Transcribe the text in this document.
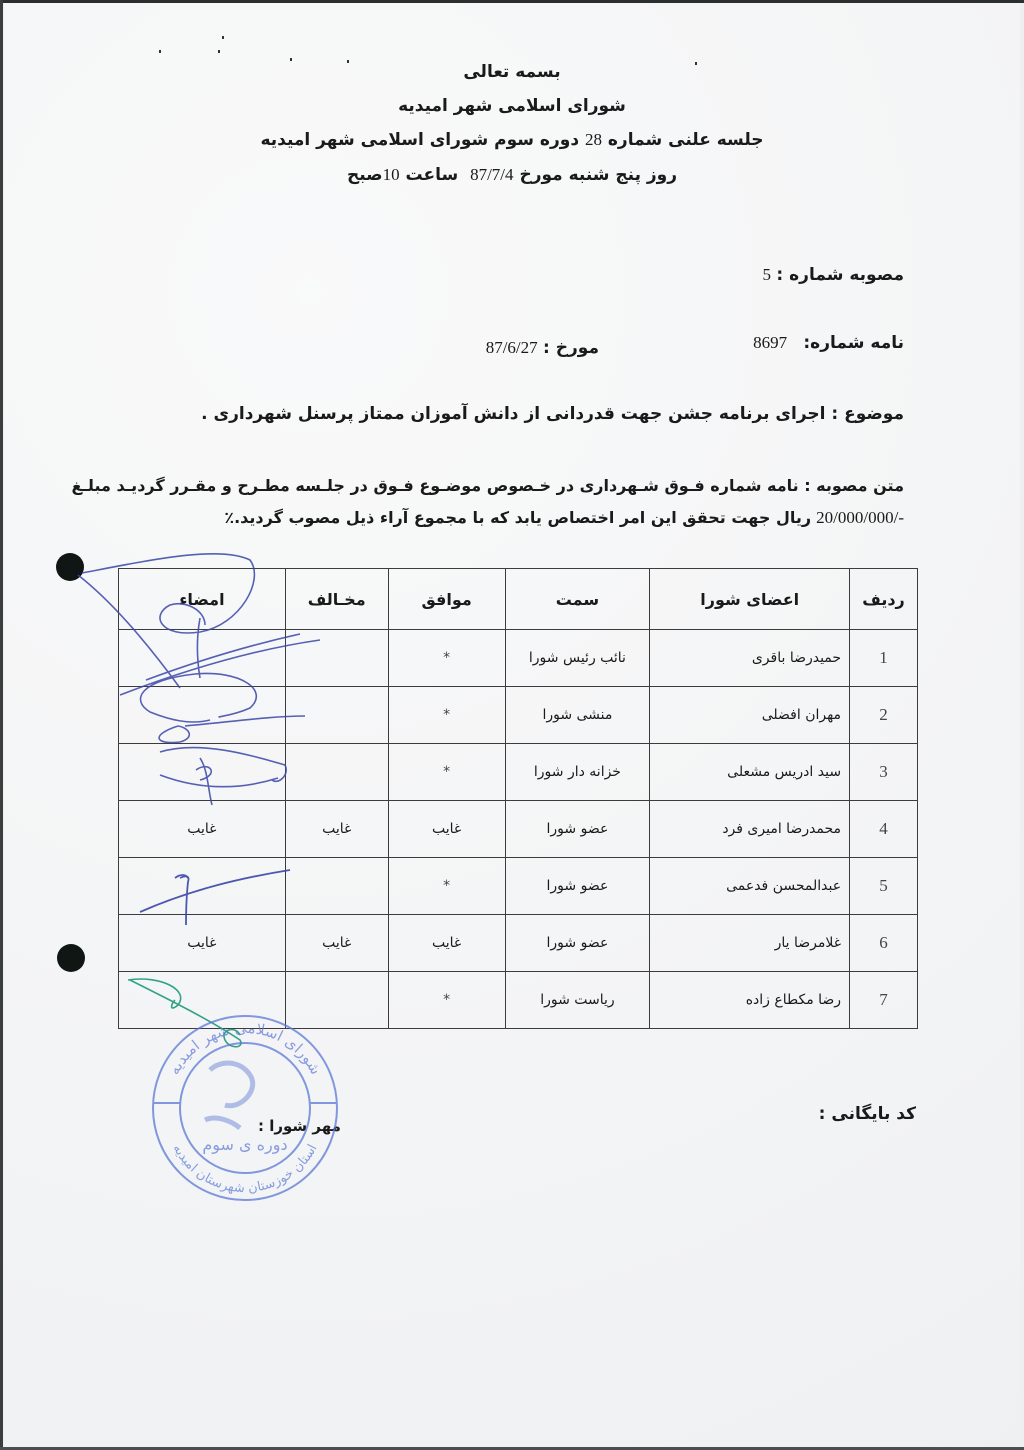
بسمه تعالی
شورای اسلامی شهر امیدیه
جلسه علنی شماره 28 دوره سوم شورای اسلامی شهر امیدیه
روز پنج شنبه مورخ 87/7/4  ساعت 10صبح
مصوبه شماره : 5
نامه شماره:   8697
مورخ : 87/6/27
موضوع : اجرای برنامه جشن جهت قدردانی از دانش آموزان ممتاز پرسنل شهرداری .
متن مصوبه : نامه شماره فـوق شـهرداری در خـصوص موضـوع فـوق در جلـسه مطـرح و مقـرر گردیـد مبلـغ
20/000/000/- ریال جهت تحقق این امر اختصاص یابد که با مجموع آراء ذیل مصوب گردید.٪
ردیف	اعضای شورا	سمت	موافق	مخـالف	امضاء
1	حمیدرضا باقری	نائب رئیس شورا	*		
2	مهران افضلی	منشی شورا	*		
3	سید ادریس مشعلی	خزانه دار شورا	*		
4	محمدرضا امیری فرد	عضو شورا	غایب	غایب	غایب
5	عبدالمحسن فدعمی	عضو شورا	*		
6	غلامرضا یار	عضو شورا	غایب	غایب	غایب
7	رضا مکطاع زاده	ریاست شورا	*		
کد بایگانی :
مهر شورا :
دوره ی سوم
شورای اسلامی شهر امیدیه
استان خوزستان شهرستان امیدیه
